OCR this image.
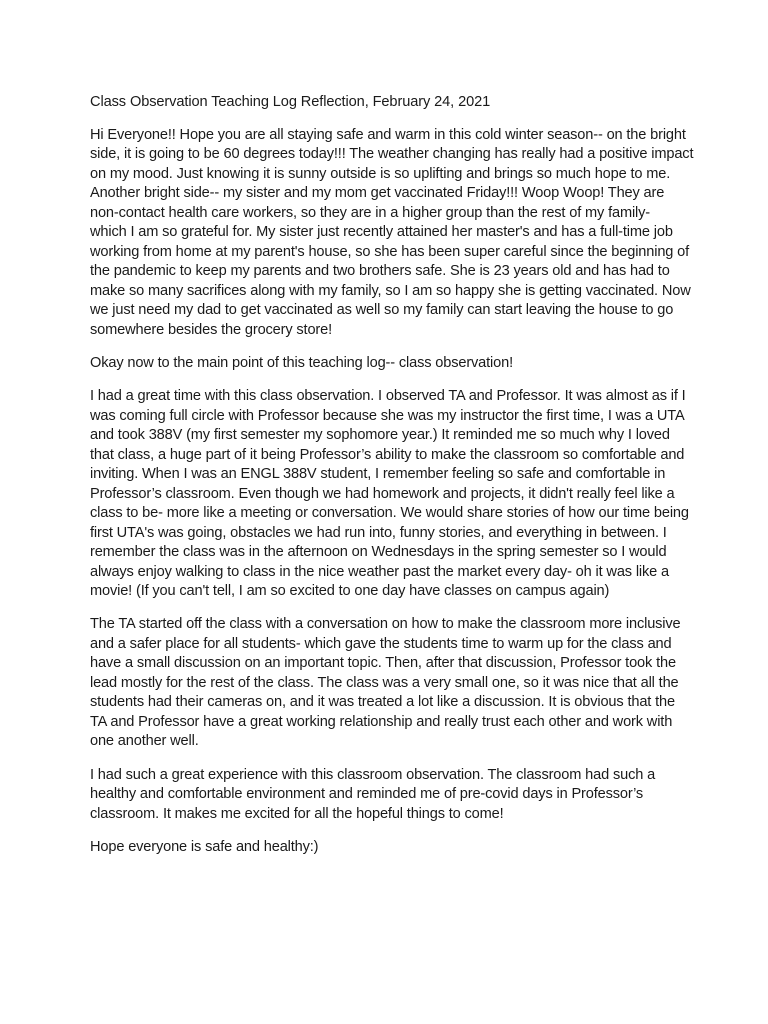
Class Observation Teaching Log Reflection, February 24, 2021
Hi Everyone!! Hope you are all staying safe and warm in this cold winter season-- on the bright
side, it is going to be 60 degrees today!!! The weather changing has really had a positive impact
on my mood. Just knowing it is sunny outside is so uplifting and brings so much hope to me.
Another bright side-- my sister and my mom get vaccinated Friday!!! Woop Woop! They are
non-contact health care workers, so they are in a higher group than the rest of my family-
which I am so grateful for. My sister just recently attained her master's and has a full-time job
working from home at my parent's house, so she has been super careful since the beginning of
the pandemic to keep my parents and two brothers safe. She is 23 years old and has had to
make so many sacrifices along with my family, so I am so happy she is getting vaccinated. Now
we just need my dad to get vaccinated as well so my family can start leaving the house to go
somewhere besides the grocery store!
Okay now to the main point of this teaching log-- class observation!
I had a great time with this class observation. I observed TA and Professor. It was almost as if I
was coming full circle with Professor because she was my instructor the first time, I was a UTA
and took 388V (my first semester my sophomore year.) It reminded me so much why I loved
that class, a huge part of it being Professor’s ability to make the classroom so comfortable and
inviting. When I was an ENGL 388V student, I remember feeling so safe and comfortable in
Professor’s classroom. Even though we had homework and projects, it didn't really feel like a
class to be- more like a meeting or conversation. We would share stories of how our time being
first UTA's was going, obstacles we had run into, funny stories, and everything in between. I
remember the class was in the afternoon on Wednesdays in the spring semester so I would
always enjoy walking to class in the nice weather past the market every day- oh it was like a
movie! (If you can't tell, I am so excited to one day have classes on campus again)
The TA started off the class with a conversation on how to make the classroom more inclusive
and a safer place for all students- which gave the students time to warm up for the class and
have a small discussion on an important topic. Then, after that discussion, Professor took the
lead mostly for the rest of the class. The class was a very small one, so it was nice that all the
students had their cameras on, and it was treated a lot like a discussion. It is obvious that the
TA and Professor have a great working relationship and really trust each other and work with
one another well.
I had such a great experience with this classroom observation. The classroom had such a
healthy and comfortable environment and reminded me of pre-covid days in Professor’s
classroom. It makes me excited for all the hopeful things to come!
Hope everyone is safe and healthy:)
